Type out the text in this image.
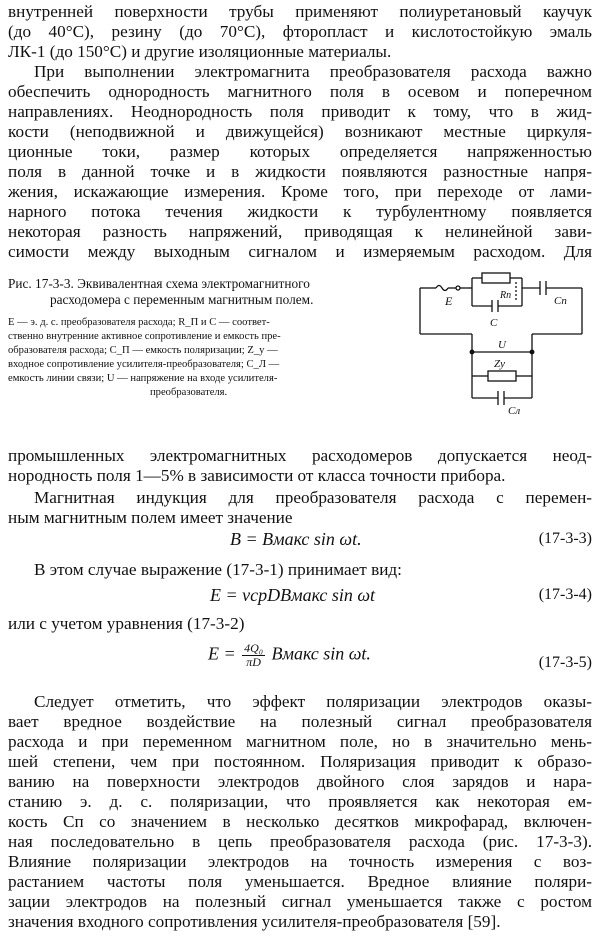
внутренней поверхности трубы применяют полиуретановый каучук
(до 40°С), резину (до 70°С), фторопласт и кислотостойкую эмаль
ЛК-1 (до 150°С) и другие изоляционные материалы.
При выполнении электромагнита преобразователя расхода важно
обеспечить однородность магнитного поля в осевом и поперечном
направлениях. Неоднородность поля приводит к тому, что в жид-
кости (неподвижной и движущейся) возникают местные циркуля-
ционные токи, размер которых определяется напряженностью
поля в данной точке и в жидкости появляются разностные напря-
жения, искажающие измерения. Кроме того, при переходе от лами-
нарного потока течения жидкости к турбулентному появляется
некоторая разность напряжений, приводящая к нелинейной зави-
симости между выходным сигналом и измеряемым расходом. Для
Рис. 17-3-3. Эквивалентная схема электромагнитного
расходомера с переменным магнитным полем.
E — э. д. с. преобразователя расхода; R_П и С — соответ-
ственно внутренние активное сопротивление и емкость пре-
образователя расхода; С_П — емкость поляризации; Z_у —
входное сопротивление усилителя-преобразователя; С_Л —
емкость линии связи; U — напряжение на входе усилителя-
преобразователя.
E	Rп
C
Cп
U
Zу
Cл
промышленных электромагнитных расходомеров допускается неод-
нородность поля 1—5% в зависимости от класса точности прибора.
Магнитная индукция для преобразователя расхода с перемен-
ным магнитным полем имеет значение
B = Bмакс sin ωt.	(17-3-3)
В этом случае выражение (17-3-1) принимает вид:
E = vсрDBмакс sin ωt	(17-3-4)
или с учетом уравнения (17-3-2)
$E = \frac{\text{4Q₀}}{\pi D}$ Bмакс sin ωt.	(17-3-5)
Следует отметить, что эффект поляризации электродов оказы-
вает вредное воздействие на полезный сигнал преобразователя
расхода и при переменном магнитном поле, но в значительно мень-
шей степени, чем при постоянном. Поляризация приводит к образо-
ванию на поверхности электродов двойного слоя зарядов и нара-
станию э. д. с. поляризации, что проявляется как некоторая ем-
кость Сп со значением в несколько десятков микрофарад, включен-
ная последовательно в цепь преобразователя расхода (рис. 17-3-3).
Влияние поляризации электродов на точность измерения с воз-
растанием частоты поля уменьшается. Вредное влияние поляри-
зации электродов на полезный сигнал уменьшается также с ростом
значения входного сопротивления усилителя-преобразователя [59].
